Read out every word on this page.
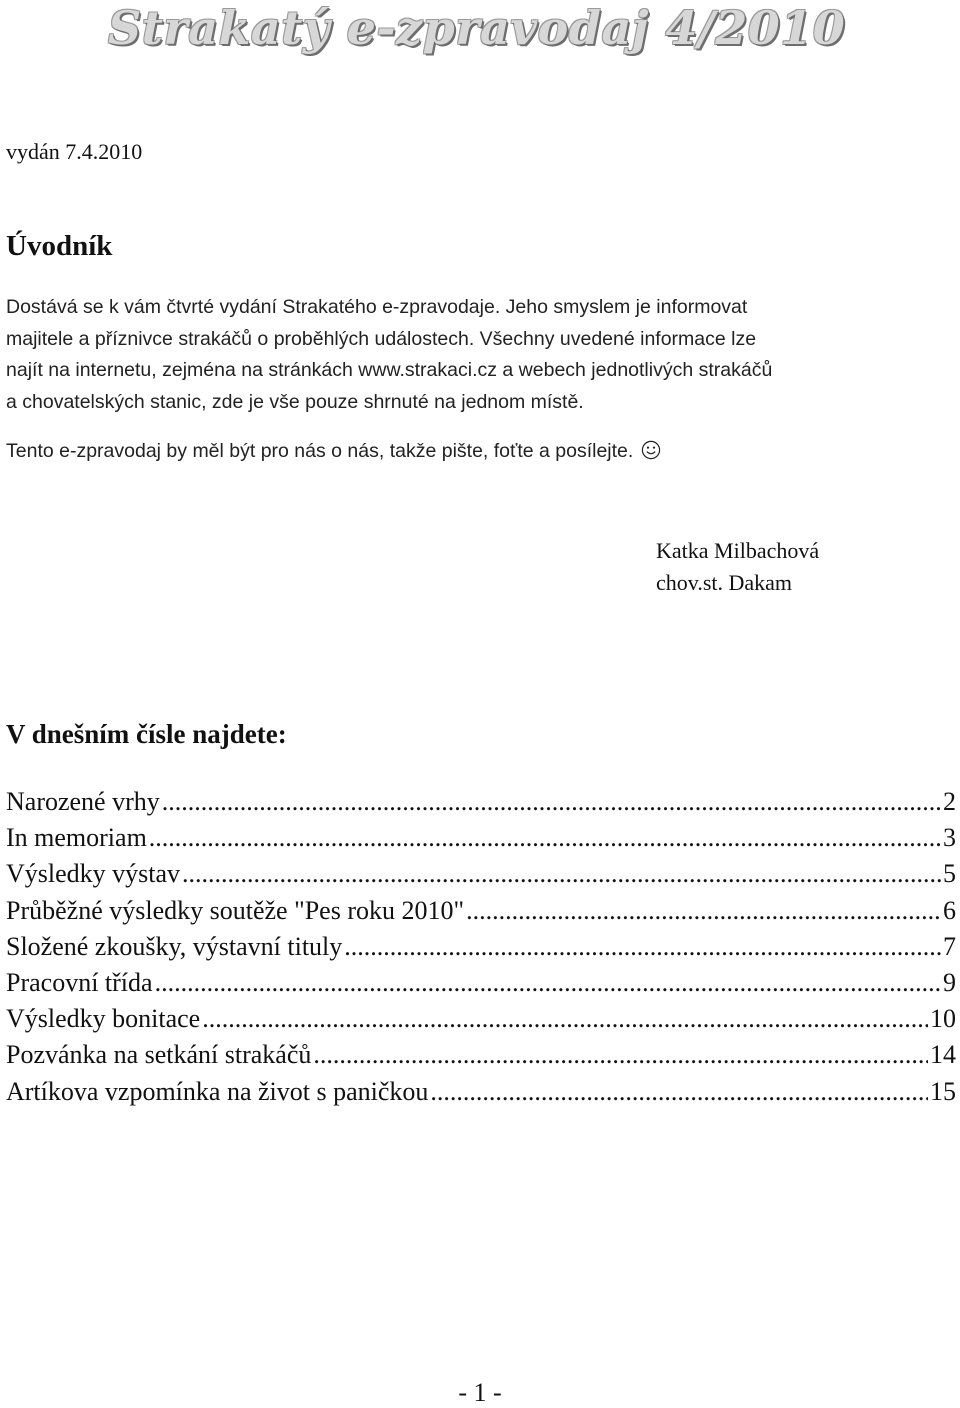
Strakatý e-zpravodaj 4/2010
vydán 7.4.2010
Úvodník

Dostává se k vám čtvrté vydání Strakatého e-zpravodaje. Jeho smyslem je informovat

majitele a příznivce strakáčů o proběhlých událostech. Všechny uvedené informace lze

najít na internetu, zejména na stránkách www.strakaci.cz a webech jednotlivých strakáčů

a chovatelských stanic, zde je vše pouze shrnuté na jednom místě.

Tento e-zpravodaj by měl být pro nás o nás, takže pište, foťte a posílejte.

Katka Milbachová
chov.st. Dakam
V dnešním čísle najdete:
Narozené vrhy .....	2
In memoriam .....	3
Výsledky výstav .....	5
Průběžné výsledky soutěže "Pes roku 2010" .....	6
Složené zkoušky, výstavní tituly .....	7
Pracovní třída .....	9
Výsledky bonitace .....	10
Pozvánka na setkání strakáčů .....	14
Artíkova vzpomínka na život s paničkou .....	15
- 1 -
